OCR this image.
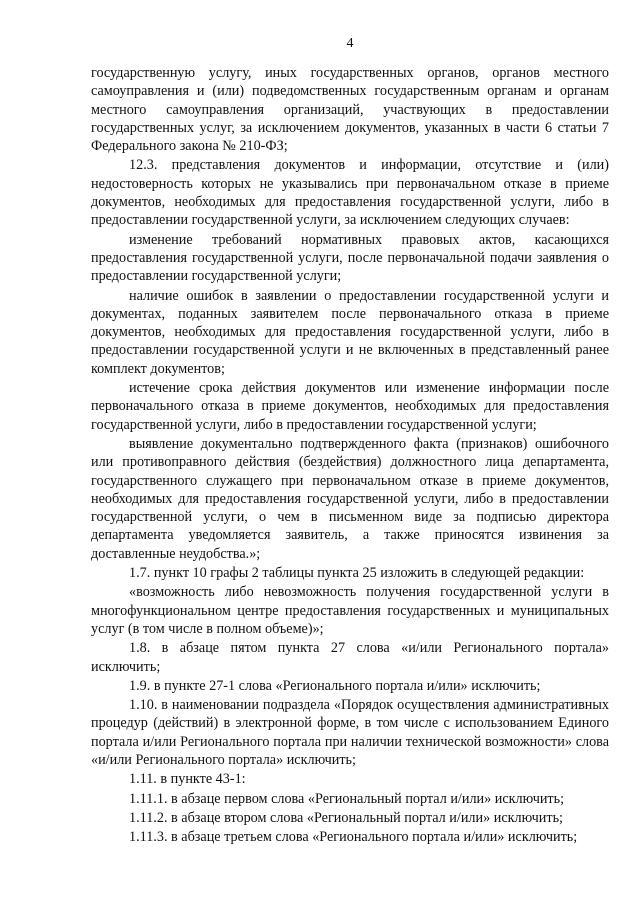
4

государственную услугу, иных государственных органов, органов местного самоуправления и (или) подведомственных государственным органам и органам местного самоуправления организаций, участвующих в предоставлении государственных услуг, за исключением документов, указанных в части 6 статьи 7 Федерального закона № 210-ФЗ;

12.3. представления документов и информации, отсутствие и (или) недостоверность которых не указывались при первоначальном отказе в приеме документов, необходимых для предоставления государственной услуги, либо в предоставлении государственной услуги, за исключением следующих случаев:

изменение требований нормативных правовых актов, касающихся предоставления государственной услуги, после первоначальной подачи заявления о предоставлении государственной услуги;

наличие ошибок в заявлении о предоставлении государственной услуги и документах, поданных заявителем после первоначального отказа в приеме документов, необходимых для предоставления государственной услуги, либо в предоставлении государственной услуги и не включенных в представленный ранее комплект документов;

истечение срока действия документов или изменение информации после первоначального отказа в приеме документов, необходимых для предоставления государственной услуги, либо в предоставлении государственной услуги;

выявление документально подтвержденного факта (признаков) ошибочного или противоправного действия (бездействия) должностного лица департамента, государственного служащего при первоначальном отказе в приеме документов, необходимых для предоставления государственной услуги, либо в предоставлении государственной услуги, о чем в письменном виде за подписью директора департамента уведомляется заявитель, а также приносятся извинения за доставленные неудобства.»;

1.7. пункт 10 графы 2 таблицы пункта 25 изложить в следующей редакции:

«возможность либо невозможность получения государственной услуги в многофункциональном центре предоставления государственных и муниципальных услуг (в том числе в полном объеме)»;

1.8. в абзаце пятом пункта 27 слова «и/или Регионального портала» исключить;

1.9. в пункте 27-1 слова «Регионального портала и/или» исключить;

1.10. в наименовании подраздела «Порядок осуществления административных процедур (действий) в электронной форме, в том числе с использованием Единого портала и/или Регионального портала при наличии технической возможности» слова «и/или Регионального портала» исключить;

1.11. в пункте 43-1:

1.11.1. в абзаце первом слова «Региональный портал и/или» исключить;

1.11.2. в абзаце втором слова «Региональный портал и/или» исключить;

1.11.3. в абзаце третьем слова «Регионального портала и/или» исключить;
